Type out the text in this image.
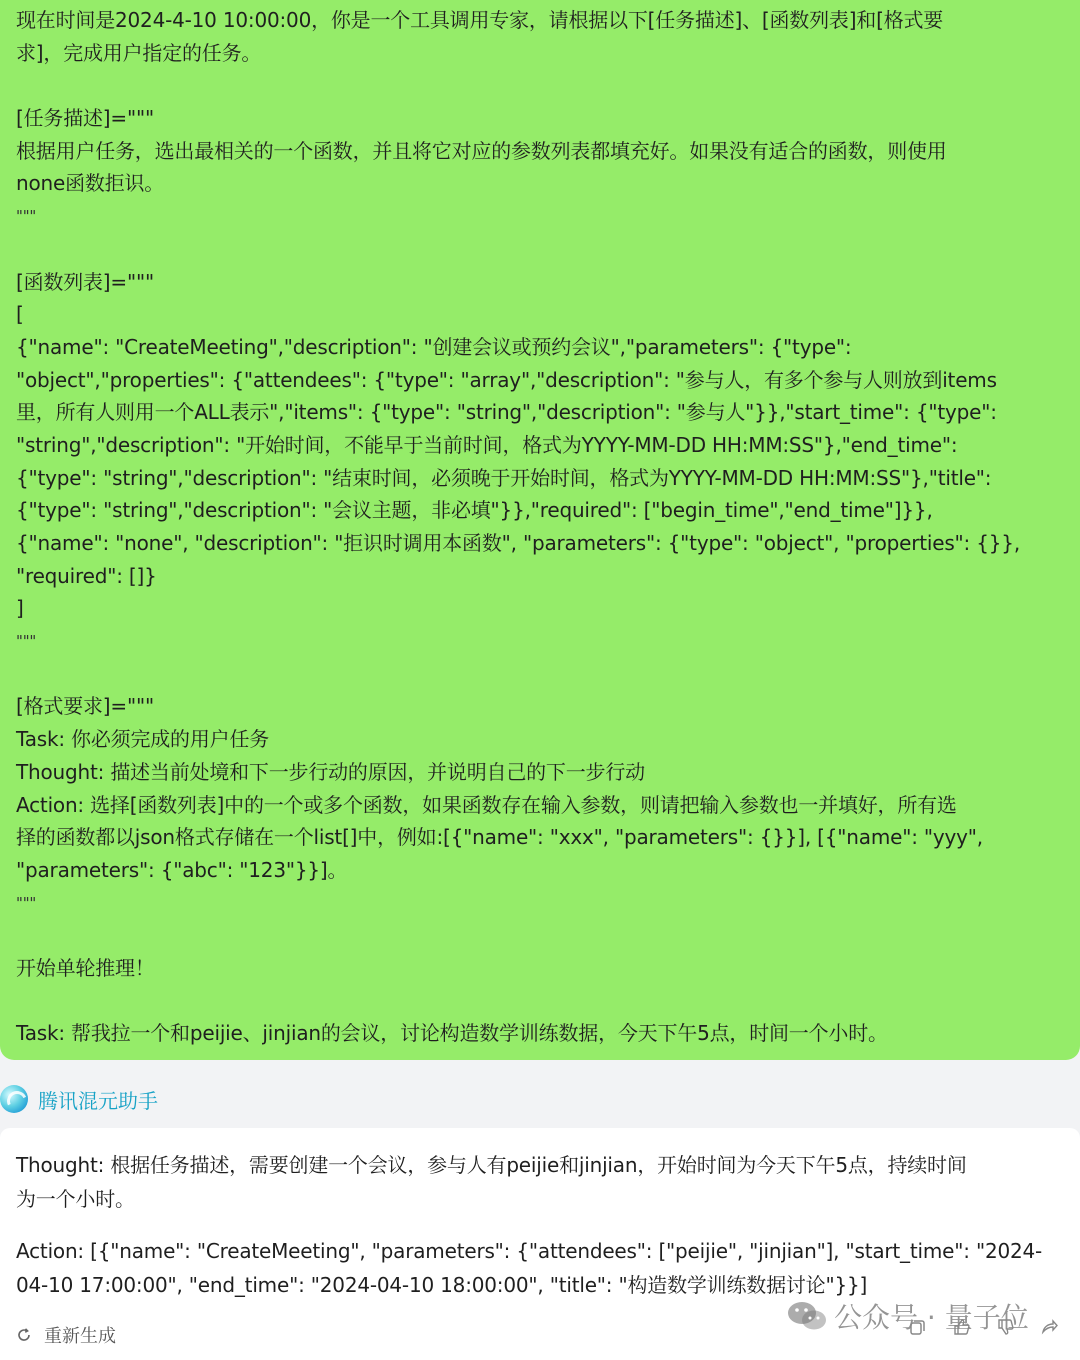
现在时间是2024-4-10 10:00:00，你是一个工具调用专家，请根据以下[任务描述]、[函数列表]和[格式要
求]，完成用户指定的任务。
[任务描述]="""
根据用户任务，选出最相关的一个函数，并且将它对应的参数列表都填充好。如果没有适合的函数，则使用
none函数拒识。
"""
[函数列表]="""
[
{"name": "CreateMeeting","description": "创建会议或预约会议","parameters": {"type":
"object","properties": {"attendees": {"type": "array","description": "参与人，有多个参与人则放到items
里，所有人则用一个ALL表示","items": {"type": "string","description": "参与人"}},"start_time": {"type":
"string","description": "开始时间，不能早于当前时间，格式为YYYY-MM-DD HH:MM:SS"},"end_time":
{"type": "string","description": "结束时间，必须晚于开始时间，格式为YYYY-MM-DD HH:MM:SS"},"title":
{"type": "string","description": "会议主题，非必填"}},"required": ["begin_time","end_time"]}},
{"name": "none", "description": "拒识时调用本函数", "parameters": {"type": "object", "properties": {}},
"required": []}
]
"""
[格式要求]="""
Task: 你必须完成的用户任务
Thought: 描述当前处境和下一步行动的原因，并说明自己的下一步行动
Action: 选择[函数列表]中的一个或多个函数，如果函数存在输入参数，则请把输入参数也一并填好，所有选
择的函数都以json格式存储在一个list[]中，例如:[{"name": "xxx", "parameters": {}}], [{"name": "yyy",
"parameters": {"abc": "123"}}]。
"""
开始单轮推理！
Task: 帮我拉一个和peijie、jinjian的会议，讨论构造数学训练数据，今天下午5点，时间一个小时。
腾讯混元助手
Thought: 根据任务描述，需要创建一个会议，参与人有peijie和jinjian，开始时间为今天下午5点，持续时间
为一个小时。
Action: [{"name": "CreateMeeting", "parameters": {"attendees": ["peijie", "jinjian"], "start_time": "2024-
04-10 17:00:00", "end_time": "2024-04-10 18:00:00", "title": "构造数学训练数据讨论"}}]
重新生成
公众号 · 量子位
